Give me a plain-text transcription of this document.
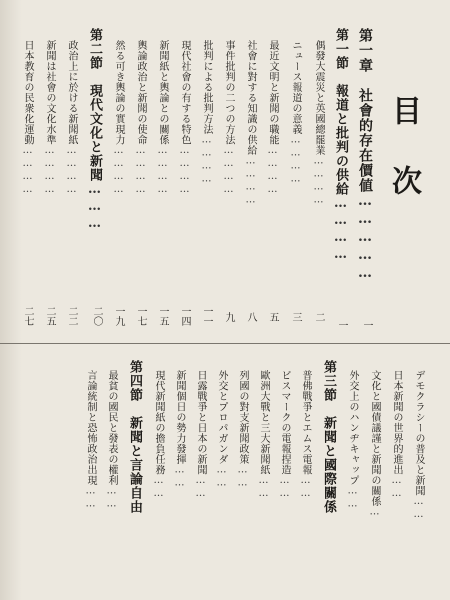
目次
第一章　社會的存在價値……………
一
第一節　報道と批判の供給…………
一
偶發大震災と英國總罷業…………
二
ニュース報道の意義…………
三
最近文明と新聞の職能…………
五
社會に對する知識の供給…………
八
事件批判の二つの方法…………
九
批判による批判方法…………
一一
現代社會の有する特色…………
一四
新聞紙と輿論との關係…………
一五
輿論政治と新聞の使命…………
一七
然る可き輿論の實現力…………
一九
第二節　現代文化と新聞………
二〇
政治上に於ける新聞紙…………
二二
新聞は社會の文化水準…………
二五
日本教育の民衆化運動…………
二七
デモクラシーの普及と新聞……
日本新聞の世界的進出……
文化と國債議謹と新聞の關係…
外交上のハンヂキャップ……
第三節　新聞と國際關係
普佛戰爭とエムス電報……
ビスマークの電報捏造……
歐洲大戰と三大新聞紙……
列國の對支新聞政策……
外交とプロパガンダ……
日露戰爭と日本の新聞……
新聞個日の勢力發揮……
現代新聞紙の擔負任務……
第四節　新聞と言論自由
最貧の國民と發表の權利……
言論統制と恐怖政治出現……
